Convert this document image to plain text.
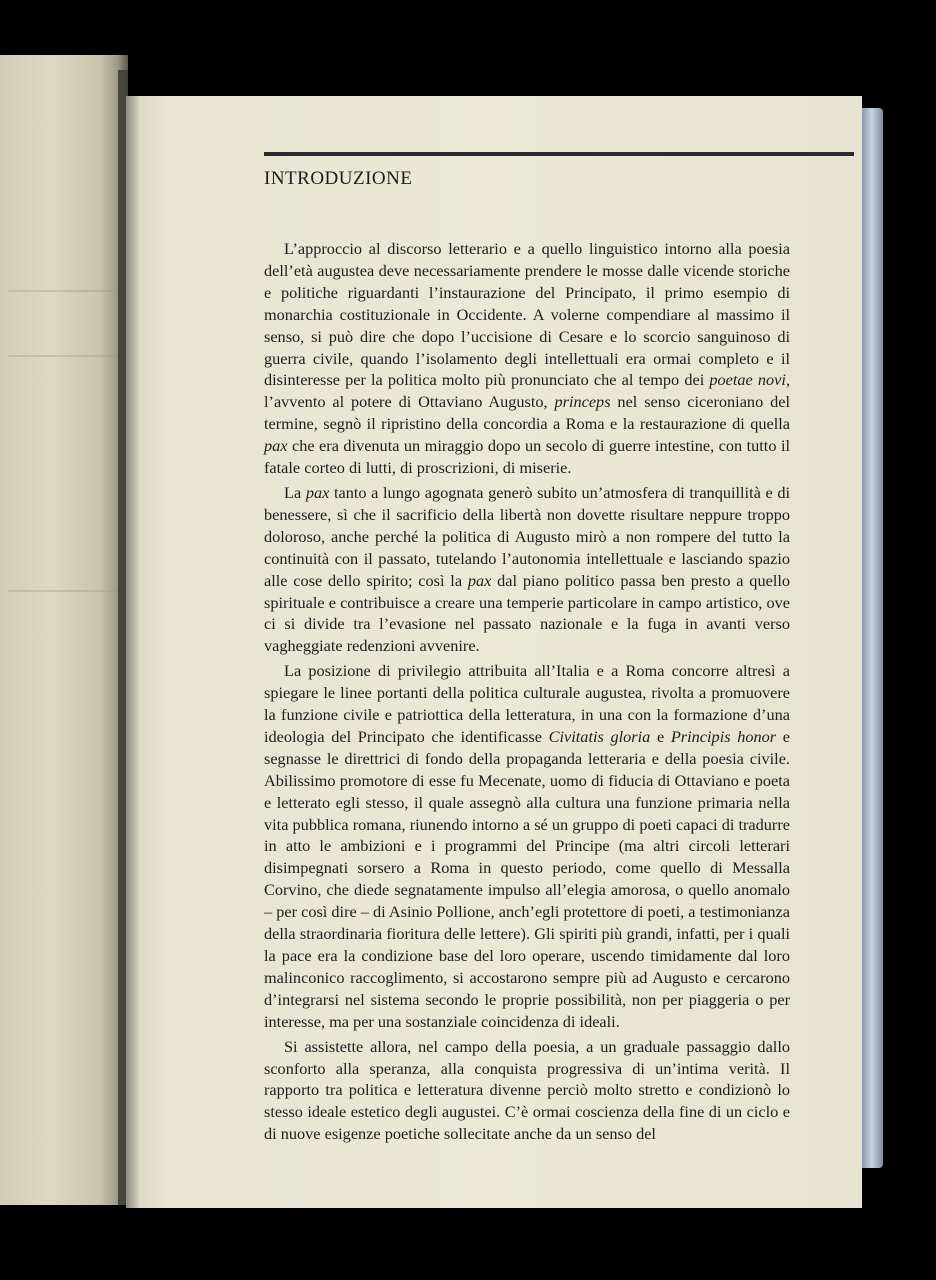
INTRODUZIONE

L’approccio al discorso letterario e a quello linguistico intorno alla poesia dell’età augustea deve necessariamente prendere le mosse dalle vicende storiche e politiche riguardanti l’instaurazione del Principato, il primo esempio di monarchia costituzionale in Occidente. A volerne compendiare al massimo il senso, si può dire che dopo l’uccisione di Cesare e lo scorcio sanguinoso di guerra civile, quando l’isolamento degli intellettuali era ormai completo e il disinteresse per la politica molto più pronunciato che al tempo dei poetae novi, l’avvento al potere di Ottaviano Augusto, princeps nel senso ciceroniano del termine, segnò il ripristino della concordia a Roma e la restaurazione di quella pax che era divenuta un miraggio dopo un secolo di guerre intestine, con tutto il fatale corteo di lutti, di proscrizioni, di miserie.

La pax tanto a lungo agognata generò subito un’atmosfera di tranquillità e di benessere, sì che il sacrificio della libertà non dovette risultare neppure troppo doloroso, anche perché la politica di Augusto mirò a non rompere del tutto la continuità con il passato, tutelando l’autonomia intellettuale e lasciando spazio alle cose dello spirito; così la pax dal piano politico passa ben presto a quello spirituale e contribuisce a creare una temperie particolare in campo artistico, ove ci si divide tra l’evasione nel passato nazionale e la fuga in avanti verso vagheggiate redenzioni avvenire.

La posizione di privilegio attribuita all’Italia e a Roma concorre altresì a spiegare le linee portanti della politica culturale augustea, rivolta a promuovere la funzione civile e patriottica della letteratura, in una con la formazione d’una ideologia del Principato che identificasse Civitatis gloria e Principis honor e segnasse le direttrici di fondo della propaganda letteraria e della poesia civile. Abilissimo promotore di esse fu Mecenate, uomo di fiducia di Ottaviano e poeta e letterato egli stesso, il quale assegnò alla cultura una funzione primaria nella vita pubblica romana, riunendo intorno a sé un gruppo di poeti capaci di tradurre in atto le ambizioni e i programmi del Principe (ma altri circoli letterari disimpegnati sorsero a Roma in questo periodo, come quello di Messalla Corvino, che diede segnatamente impulso all’elegia amorosa, o quello anomalo – per così dire – di Asinio Pollione, anch’egli protettore di poeti, a testimonianza della straordinaria fioritura delle lettere). Gli spiriti più grandi, infatti, per i quali la pace era la condizione base del loro operare, uscendo timidamente dal loro malinconico raccoglimento, si accostarono sempre più ad Augusto e cercarono d’integrarsi nel sistema secondo le proprie possibilità, non per piaggeria o per interesse, ma per una sostanziale coincidenza di ideali.

Si assistette allora, nel campo della poesia, a un graduale passaggio dallo sconforto alla speranza, alla conquista progressiva di un’intima verità. Il rapporto tra politica e letteratura divenne perciò molto stretto e condizionò lo stesso ideale estetico degli augustei. C’è ormai coscienza della fine di un ciclo e di nuove esigenze poetiche sollecitate anche da un senso del
